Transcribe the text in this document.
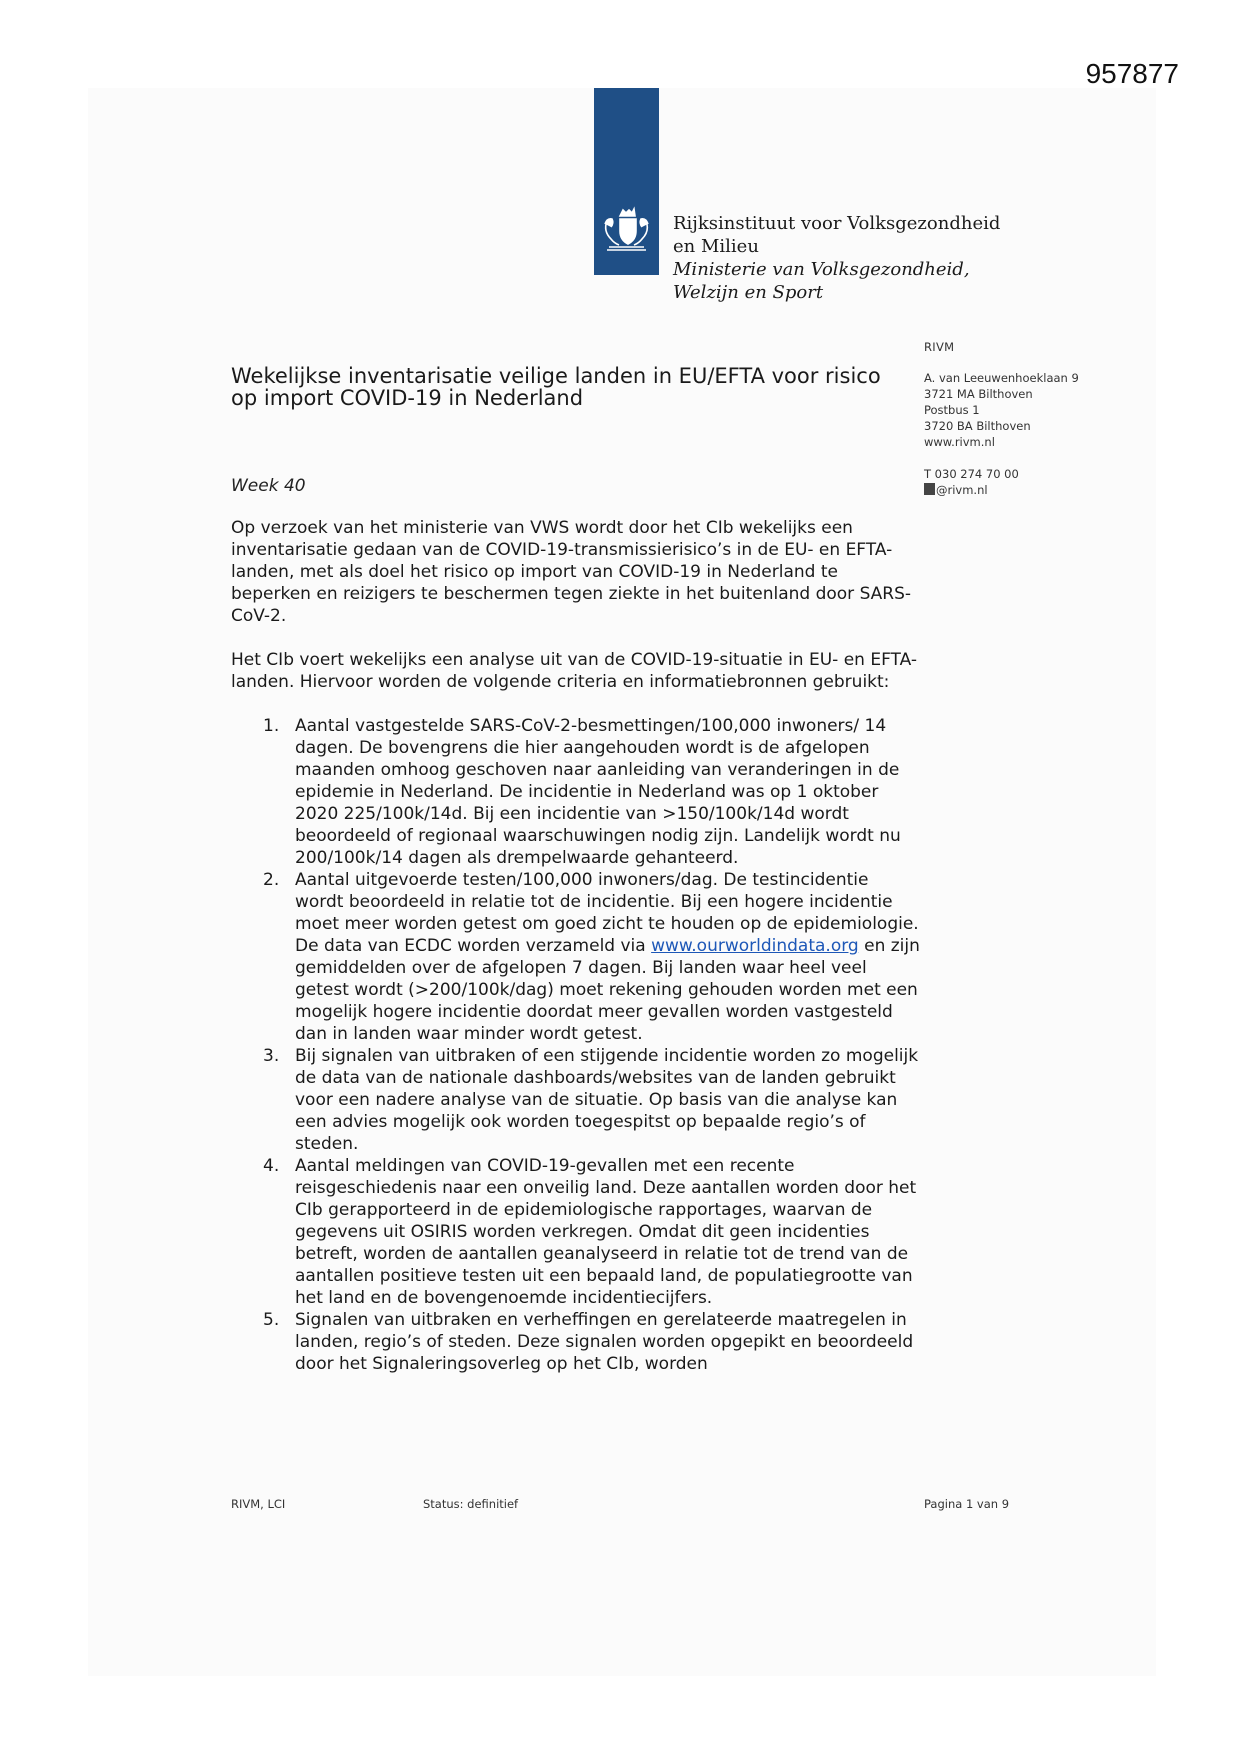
957877
Rijksinstituut voor Volksgezondheid
en Milieu
Ministerie van Volksgezondheid,
Welzijn en Sport
RIVM
A. van Leeuwenhoeklaan 9
3721 MA Bilthoven
Postbus 1
3720 BA Bilthoven
www.rivm.nl
T 030 274 70 00
@rivm.nl
Wekelijkse inventarisatie veilige landen in EU/EFTA voor risico op import COVID-19 in Nederland
Week 40

Op verzoek van het ministerie van VWS wordt door het CIb wekelijks een inventarisatie gedaan van de COVID-19-transmissierisico’s in de EU- en EFTA-landen, met als doel het risico op import van COVID-19 in Nederland te beperken en reizigers te beschermen tegen ziekte in het buitenland door SARS-CoV-2.

Het CIb voert wekelijks een analyse uit van de COVID-19-situatie in EU- en EFTA-landen. Hiervoor worden de volgende criteria en informatiebronnen gebruikt:

1. Aantal vastgestelde SARS-CoV-2-besmettingen/100,000 inwoners/ 14 dagen. De bovengrens die hier aangehouden wordt is de afgelopen maanden omhoog geschoven naar aanleiding van veranderingen in de epidemie in Nederland. De incidentie in Nederland was op 1 oktober 2020 225/100k/14d. Bij een incidentie van >150/100k/14d wordt beoordeeld of regionaal waarschuwingen nodig zijn. Landelijk wordt nu 200/100k/14 dagen als drempelwaarde gehanteerd.
2. Aantal uitgevoerde testen/100,000 inwoners/dag. De testincidentie wordt beoordeeld in relatie tot de incidentie. Bij een hogere incidentie moet meer worden getest om goed zicht te houden op de epidemiologie. De data van ECDC worden verzameld via www.ourworldindata.org en zijn gemiddelden over de afgelopen 7 dagen. Bij landen waar heel veel getest wordt (>200/100k/dag) moet rekening gehouden worden met een mogelijk hogere incidentie doordat meer gevallen worden vastgesteld dan in landen waar minder wordt getest.
3. Bij signalen van uitbraken of een stijgende incidentie worden zo mogelijk de data van de nationale dashboards/websites van de landen gebruikt voor een nadere analyse van de situatie. Op basis van die analyse kan een advies mogelijk ook worden toegespitst op bepaalde regio’s of steden.
4. Aantal meldingen van COVID-19-gevallen met een recente reisgeschiedenis naar een onveilig land. Deze aantallen worden door het CIb gerapporteerd in de epidemiologische rapportages, waarvan de gegevens uit OSIRIS worden verkregen. Omdat dit geen incidenties betreft, worden de aantallen geanalyseerd in relatie tot de trend van de aantallen positieve testen uit een bepaald land, de populatiegrootte van het land en de bovengenoemde incidentiecijfers.
5. Signalen van uitbraken en verheffingen en gerelateerde maatregelen in landen, regio’s of steden. Deze signalen worden opgepikt en beoordeeld door het Signaleringsoverleg op het CIb, worden
RIVM, LCI	Status: definitief	Pagina 1 van 9
